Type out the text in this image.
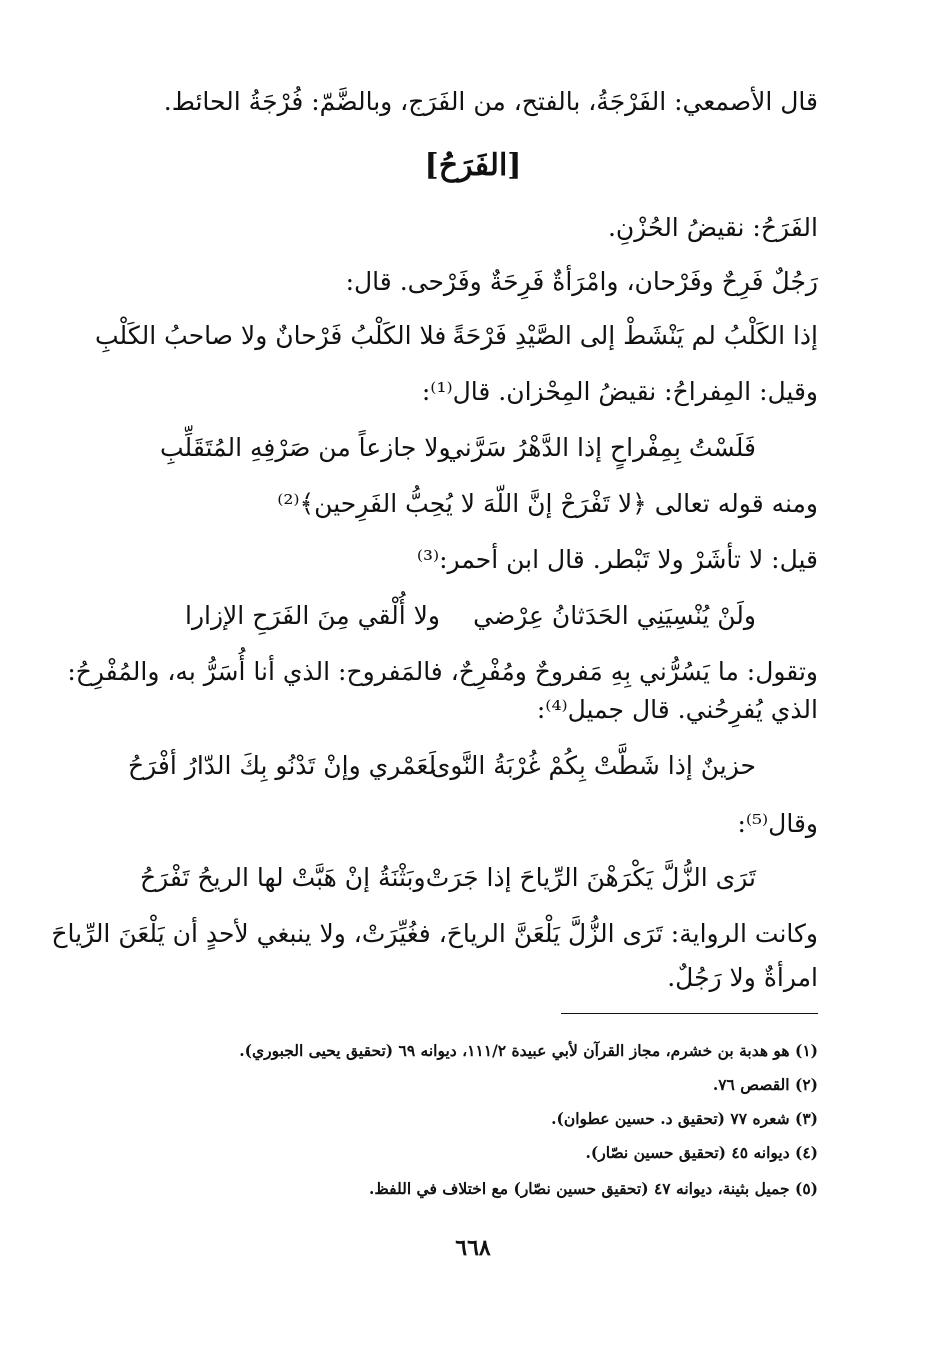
قال الأصمعي: الفَرْجَةُ، بالفتح، من الفَرَج، وبالضَّمّ: فُرْجَةُ الحائط.
[الفَرَحُ]
الفَرَحُ: نقيضُ الحُزْنِ.
رَجُلٌ فَرِحٌ وفَرْحان، وامْرَأةٌ فَرِحَةٌ وفَرْحى. قال:
إذا الكَلْبُ لم يَنْشَطْ إلى الصَّيْدِ فَرْحَةً
فلا الكَلْبُ فَرْحانٌ ولا صاحبُ الكَلْبِ
وقيل: المِفراحُ: نقيضُ المِحْزان. قال⁽¹⁾:
فَلَسْتُ بِمِفْراحٍ إذا الدَّهْرُ سَرَّني
ولا جازعاً من صَرْفِهِ المُتَقَلِّبِ
ومنه قوله تعالى ﴿لا تَفْرَحْ إنَّ اللّهَ لا يُحِبُّ الفَرِحين﴾⁽²⁾
قيل: لا تأشَرْ ولا تَبْطر. قال ابن أحمر:⁽³⁾
ولَنْ يُنْسِيَنِي الحَدَثانُ عِرْضي
ولا أُلْقي مِنَ الفَرَحِ الإزارا
وتقول: ما يَسُرُّني بِهِ مَفروحٌ ومُفْرِحٌ، فالمَفروح: الذي أنا أُسَرُّ به، والمُفْرِحُ:
الذي يُفرِحُني. قال جميل⁽⁴⁾:
حزينٌ إذا شَطَّتْ بِكُمْ غُرْبَةُ النَّوى
لَعَمْري وإنْ تَدْنُو بِكَ الدّارُ أفْرَحُ
وقال⁽⁵⁾:
تَرَى الزُّلَّ يَكْرَهْنَ الرِّياحَ إذا جَرَتْ
وبَثْنَةُ إنْ هَبَّتْ لها الريحُ تَفْرَحُ
وكانت الرواية: تَرَى الزُّلَّ يَلْعَنَّ الرياحَ، فغُيِّرَتْ، ولا ينبغي لأحدٍ أن يَلْعَنَ الرِّياحَ
امرأةٌ ولا رَجُلٌ.
(١) هو هدبة بن خشرم، مجاز القرآن لأبي عبيدة ١١١/٢، ديوانه ٦٩ (تحقيق يحيى الجبوري).
(٢) القصص ٧٦.
(٣) شعره ٧٧ (تحقيق د. حسين عطوان).
(٤) ديوانه ٤٥ (تحقيق حسين نصّار).
(٥) جميل بثينة، ديوانه ٤٧ (تحقيق حسين نصّار) مع اختلاف في اللفظ.
٦٦٨
